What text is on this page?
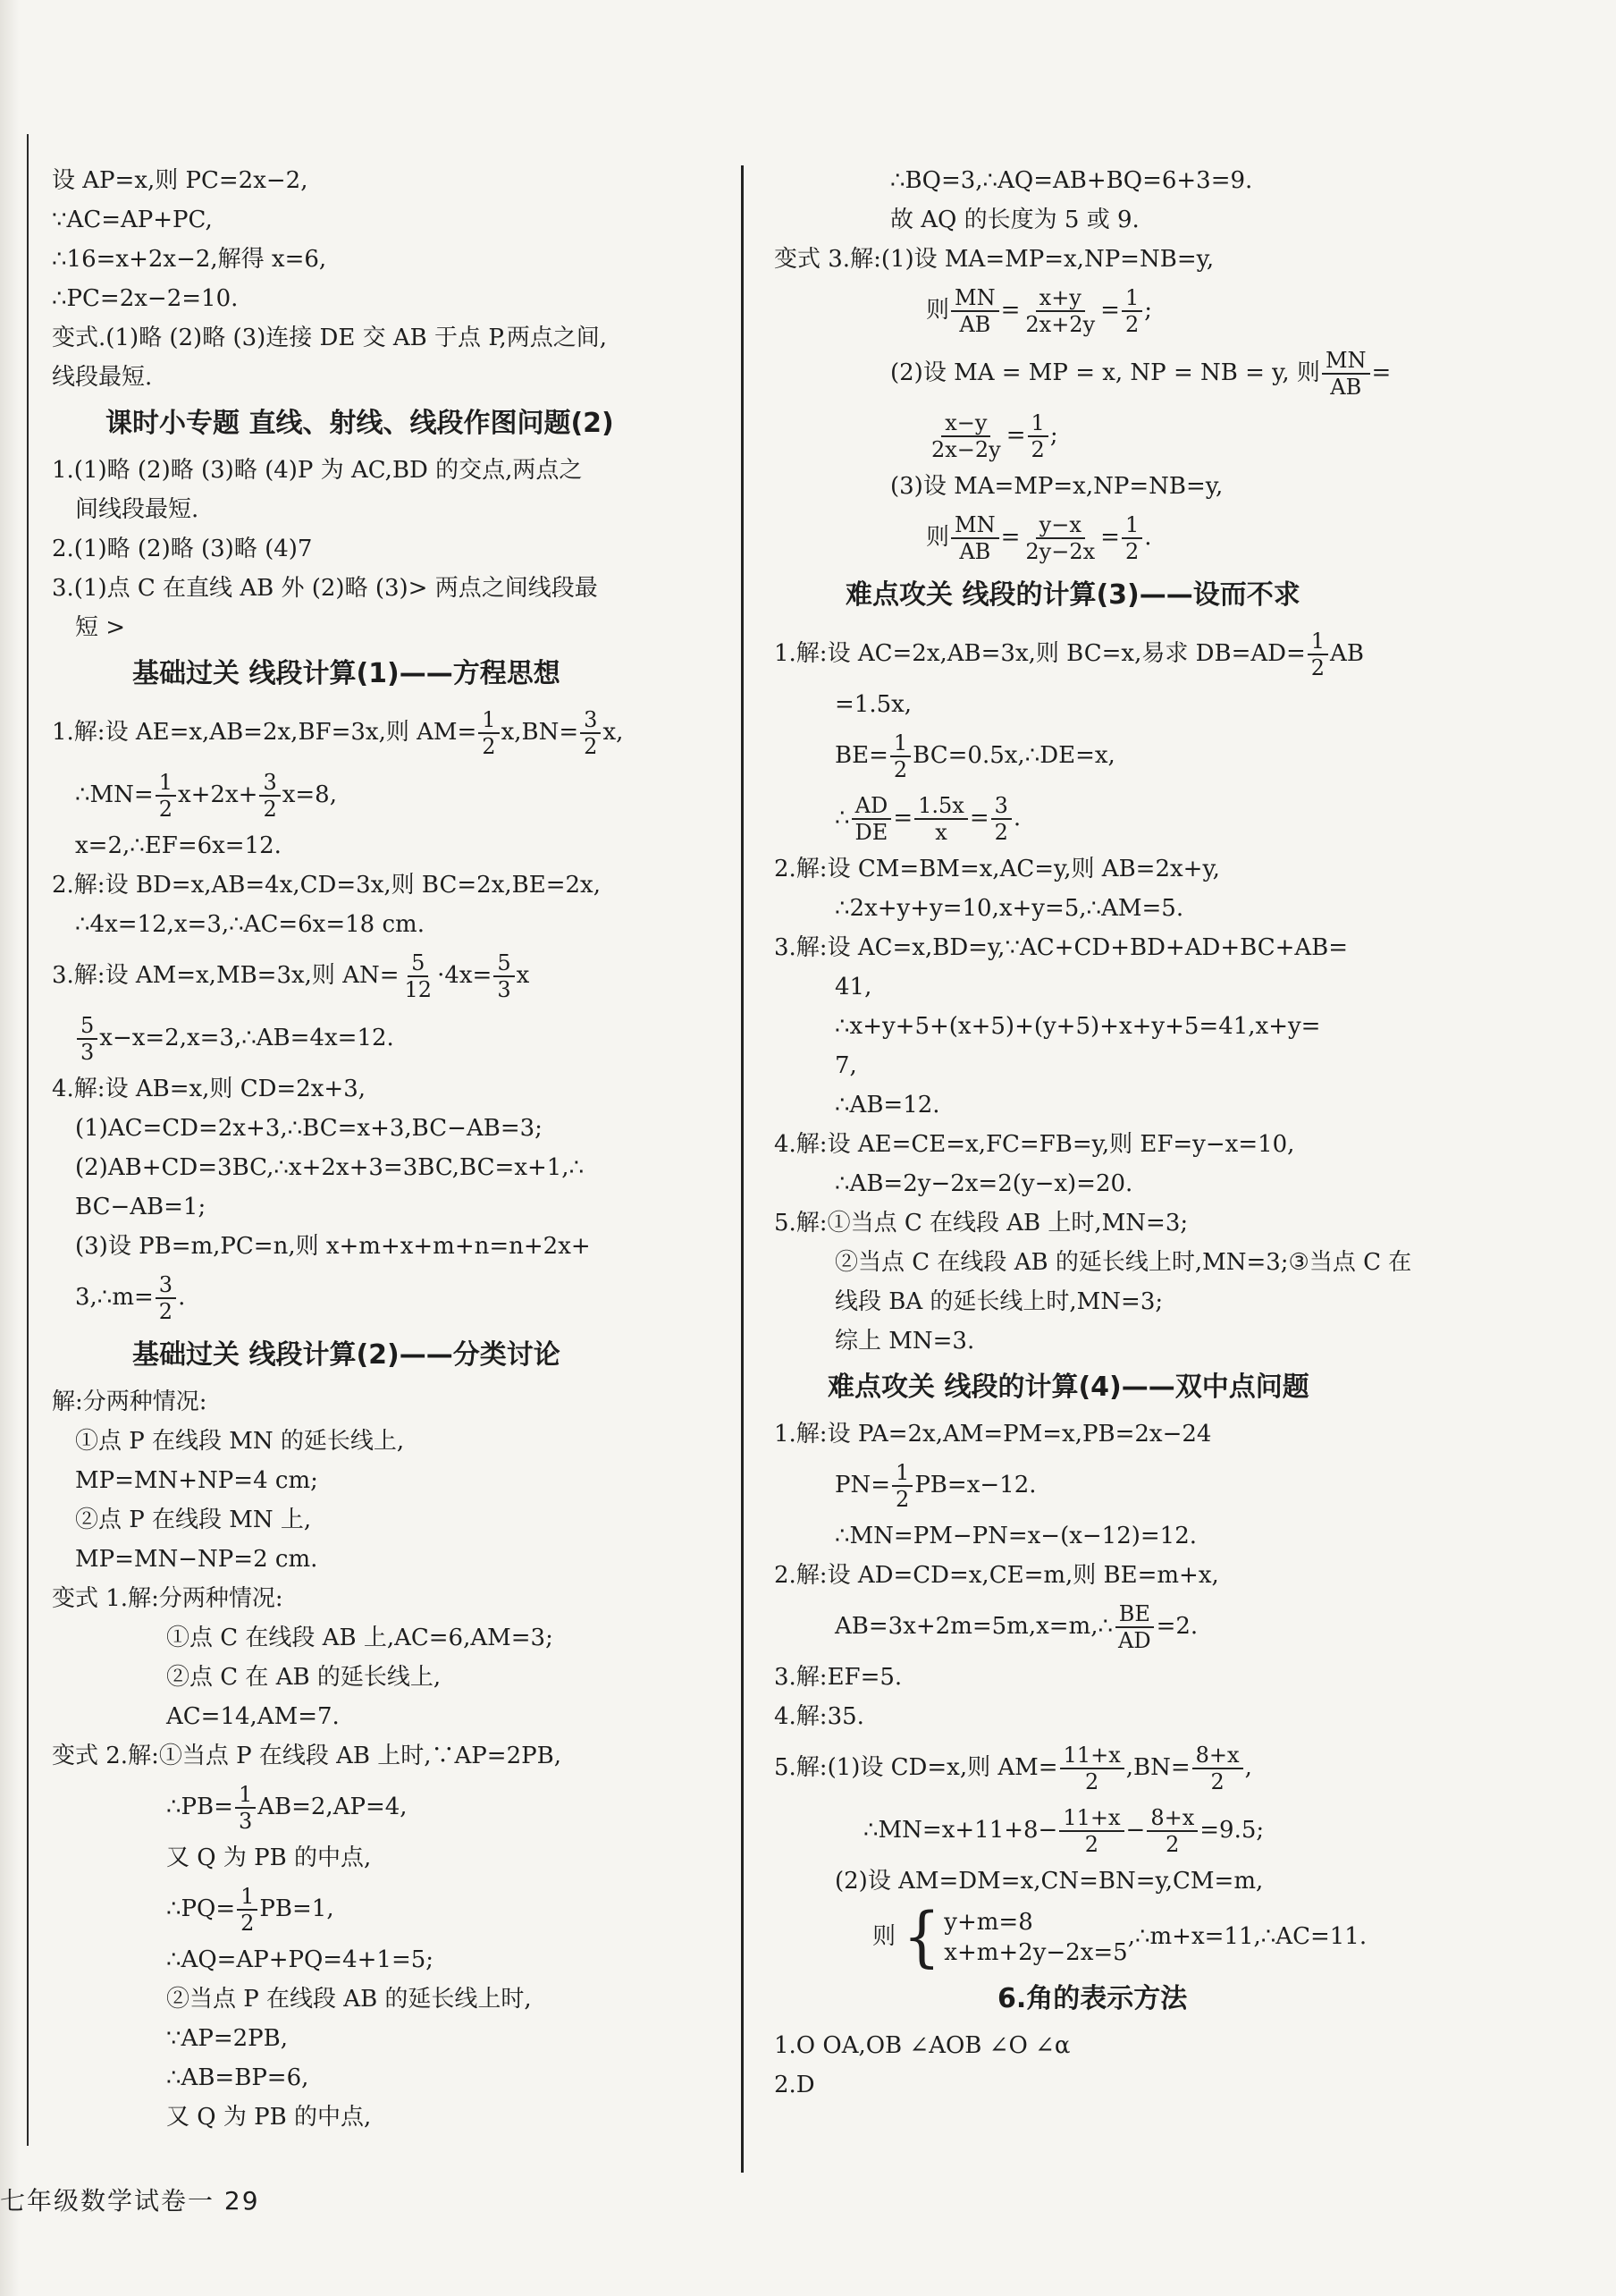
设 AP=x,则 PC=2x−2,
∵AC=AP+PC,
∴16=x+2x−2,解得 x=6,
∴PC=2x−2=10.
变式.(1)略 (2)略 (3)连接 DE 交 AB 于点 P,两点之间,
线段最短.
课时小专题 直线、射线、线段作图问题(2)
1.(1)略 (2)略 (3)略 (4)P 为 AC,BD 的交点,两点之
间线段最短.
2.(1)略 (2)略 (3)略 (4)7
3.(1)点 C 在直线 AB 外 (2)略 (3)> 两点之间线段最
短 >
基础过关 线段计算(1)——方程思想
1.解:设 AE=x,AB=2x,BF=3x,则 $AM= \frac{1}{2} x,BN= \frac{3}{2} x$,
∴MN= $\frac{1}{2} x+2x+ \frac{3}{2} x=8$,
x=2,∴EF=6x=12.
2.解:设 BD=x,AB=4x,CD=3x,则 BC=2x,BE=2x,
∴4x=12,x=3,∴AC=6x=18 cm.
3.解:设 AM=x,MB=3x,则 $AN= \frac{5}{12} \cdot 4x= \frac{5}{3}$ x
$\frac{5}{3}$ x−x=2,x=3,∴AB=4x=12.
4.解:设 AB=x,则 CD=2x+3,
(1)AC=CD=2x+3,∴BC=x+3,BC−AB=3;
(2)AB+CD=3BC,∴x+2x+3=3BC,BC=x+1,∴
BC−AB=1;
(3)设 PB=m,PC=n,则 x+m+x+m+n=n+2x+
3,∴m= $\frac{3}{2}$ .
基础过关 线段计算(2)——分类讨论
解:分两种情况:
①点 P 在线段 MN 的延长线上,
MP=MN+NP=4 cm;
②点 P 在线段 MN 上,
MP=MN−NP=2 cm.
变式 1.解:分两种情况:
①点 C 在线段 AB 上,AC=6,AM=3;
②点 C 在 AB 的延长线上,
AC=14,AM=7.
变式 2.解:①当点 P 在线段 AB 上时,∵AP=2PB,
∴PB= $\frac{1}{3} AB=2,AP=4$,
又 Q 为 PB 的中点,
∴PQ= $\frac{1}{2} PB=1$,
∴AQ=AP+PQ=4+1=5;
②当点 P 在线段 AB 的延长线上时,
∵AP=2PB,
∴AB=BP=6,
又 Q 为 PB 的中点,
∴BQ=3,∴AQ=AB+BQ=6+3=9.
故 AQ 的长度为 5 或 9.
变式 3.解:(1)设 MA=MP=x,NP=NB=y,
则 $\frac{MN}{AB} = \frac{x+y}{2x+2y} = \frac{1}{2}$ ;
(2)设 MA = MP = x, NP = NB = y, 则 $\frac{MN}{AB}$ =
$\frac{x-y}{2x-2y} = \frac{1}{2}$ ;
(3)设 MA=MP=x,NP=NB=y,
则 $\frac{MN}{AB} = \frac{y-x}{2y-2x} = \frac{1}{2}$ .
难点攻关 线段的计算(3)——设而不求
1.解:设 AC=2x,AB=3x,则 BC=x,易求 $DB=AD= \frac{1}{2}$ AB
=1.5x,
$BE= \frac{1}{2}$ BC=0.5x,∴DE=x,
∴ $\frac{AD}{DE} = \frac{1.5x}{x} = \frac{3}{2}$ .
2.解:设 CM=BM=x,AC=y,则 AB=2x+y,
∴2x+y+y=10,x+y=5,∴AM=5.
3.解:设 AC=x,BD=y,∵AC+CD+BD+AD+BC+AB=
41,
∴x+y+5+(x+5)+(y+5)+x+y+5=41,x+y=
7,
∴AB=12.
4.解:设 AE=CE=x,FC=FB=y,则 EF=y−x=10,
∴AB=2y−2x=2(y−x)=20.
5.解:①当点 C 在线段 AB 上时,MN=3;
②当点 C 在线段 AB 的延长线上时,MN=3;③当点 C 在
线段 BA 的延长线上时,MN=3;
综上 MN=3.
难点攻关 线段的计算(4)——双中点问题
1.解:设 PA=2x,AM=PM=x,PB=2x−24
$PN= \frac{1}{2} PB=x-12$.
∴MN=PM−PN=x−(x−12)=12.
2.解:设 AD=CD=x,CE=m,则 BE=m+x,
AB=3x+2m=5m,x=m,∴ $\frac{BE}{AD} =2$.
3.解:EF=5.
4.解:35.
5.解:(1)设 CD=x,则 $AM= \frac{11+x}{2} ,BN= \frac{8+x}{2}$ ,
∴MN=x+11+8− $\frac{11+x}{2} - \frac{8+x}{2} =9.5$;
(2)设 AM=DM=x,CN=BN=y,CM=m,
则 { y+m=8
x+m+2y−2x=5
,∴m+x=11,∴AC=11.
6.角的表示方法
1.O OA,OB ∠AOB ∠O ∠α
2.D
七年级数学试卷一 29
